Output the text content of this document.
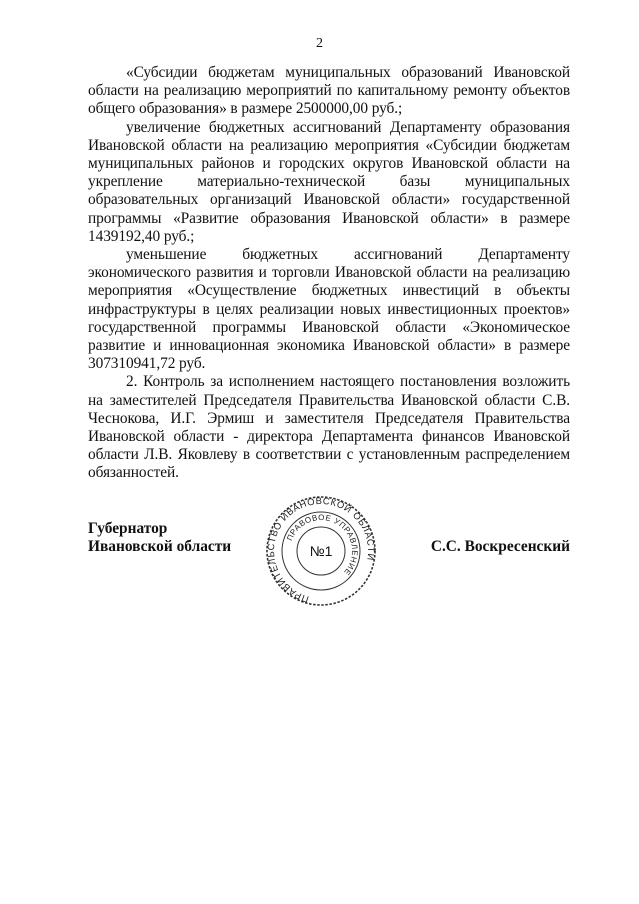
2

«Субсидии бюджетам муниципальных образований Ивановской области на реализацию мероприятий по капитальному ремонту объектов общего образования» в размере 2500000,00 руб.;

увеличение бюджетных ассигнований Департаменту образования Ивановской области на реализацию мероприятия «Субсидии бюджетам муниципальных районов и городских округов Ивановской области на укрепление материально-технической базы муниципальных образовательных организаций Ивановской области» государственной программы «Развитие образования Ивановской области» в размере 1439192,40 руб.;

уменьшение бюджетных ассигнований Департаменту экономического развития и торговли Ивановской области на реализацию мероприятия «Осуществление бюджетных инвестиций в объекты инфраструктуры в целях реализации новых инвестиционных проектов» государственной программы Ивановской области «Экономическое развитие и инновационная экономика Ивановской области» в размере 307310941,72 руб.

2. Контроль за исполнением настоящего постановления возложить на заместителей Председателя Правительства Ивановской области С.В. Чеснокова, И.Г. Эрмиш и заместителя Председателя Правительства Ивановской области - директора Департамента финансов Ивановской области Л.В. Яковлеву в соответствии с установленным распределением обязанностей.

Губернатор
Ивановской области
ПРАВИТЕЛЬСТВО ИВАНОВСКОЙ ОБЛАСТИ
ПРАВОВОЕ УПРАВЛЕНИЕ
№1	С.С. Воскресенский
